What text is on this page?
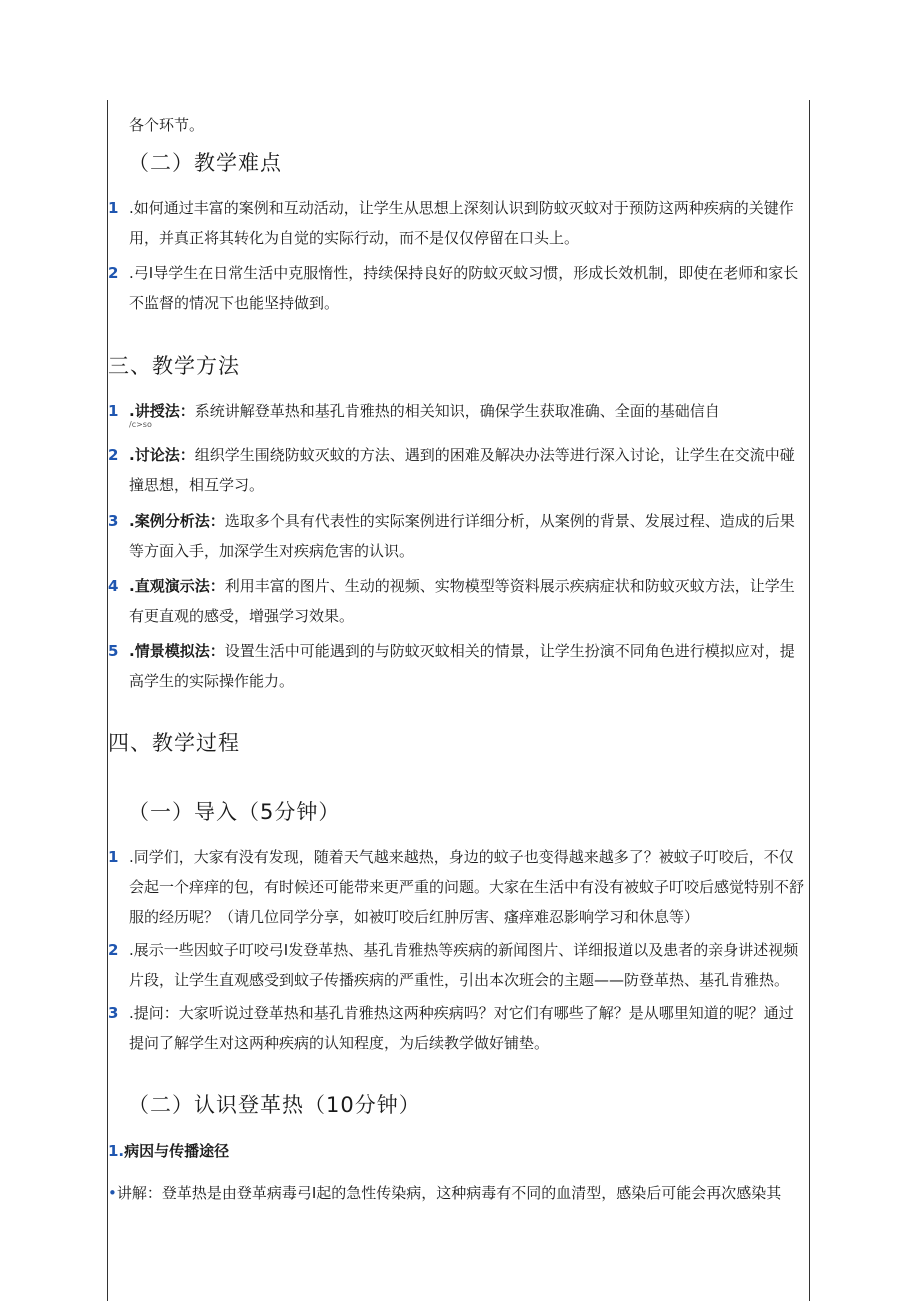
各个环节。

（二）教学难点

1 .如何通过丰富的案例和互动活动，让学生从思想上深刻认识到防蚊灭蚊对于预防这两种疾病的关键作用，并真正将其转化为自觉的实际行动，而不是仅仅停留在口头上。
2 .弓I导学生在日常生活中克服惰性，持续保持良好的防蚊灭蚊习惯，形成长效机制，即使在老师和家长不监督的情况下也能坚持做到。

三、教学方法

1 .讲授法：系统讲解登革热和基孔肯雅热的相关知识，确保学生获取准确、全面的基础信自
/c>so
2 .讨论法：组织学生围绕防蚊灭蚊的方法、遇到的困难及解决办法等进行深入讨论，让学生在交流中碰撞思想，相互学习。
3 .案例分析法：选取多个具有代表性的实际案例进行详细分析，从案例的背景、发展过程、造成的后果等方面入手，加深学生对疾病危害的认识。
4 .直观演示法：利用丰富的图片、生动的视频、实物模型等资料展示疾病症状和防蚊灭蚊方法，让学生有更直观的感受，增强学习效果。
5 .情景模拟法：设置生活中可能遇到的与防蚊灭蚊相关的情景，让学生扮演不同角色进行模拟应对，提高学生的实际操作能力。

四、教学过程

（一）导入（5分钟）

1 .同学们，大家有没有发现，随着天气越来越热，身边的蚊子也变得越来越多了？被蚊子叮咬后，不仅会起一个痒痒的包，有时候还可能带来更严重的问题。大家在生活中有没有被蚊子叮咬后感觉特别不舒服的经历呢？（请几位同学分享，如被叮咬后红肿厉害、瘙痒难忍影响学习和休息等）
2 .展示一些因蚊子叮咬弓I发登革热、基孔肯雅热等疾病的新闻图片、详细报道以及患者的亲身讲述视频片段，让学生直观感受到蚊子传播疾病的严重性，引出本次班会的主题——防登革热、基孔肯雅热。
3 .提问：大家听说过登革热和基孔肯雅热这两种疾病吗？对它们有哪些了解？是从哪里知道的呢？通过提问了解学生对这两种疾病的认知程度，为后续教学做好铺垫。

（二）认识登革热（10分钟）

1.病因与传播途径
•讲解：登革热是由登革病毒弓I起的急性传染病，这种病毒有不同的血清型，感染后可能会再次感染其
